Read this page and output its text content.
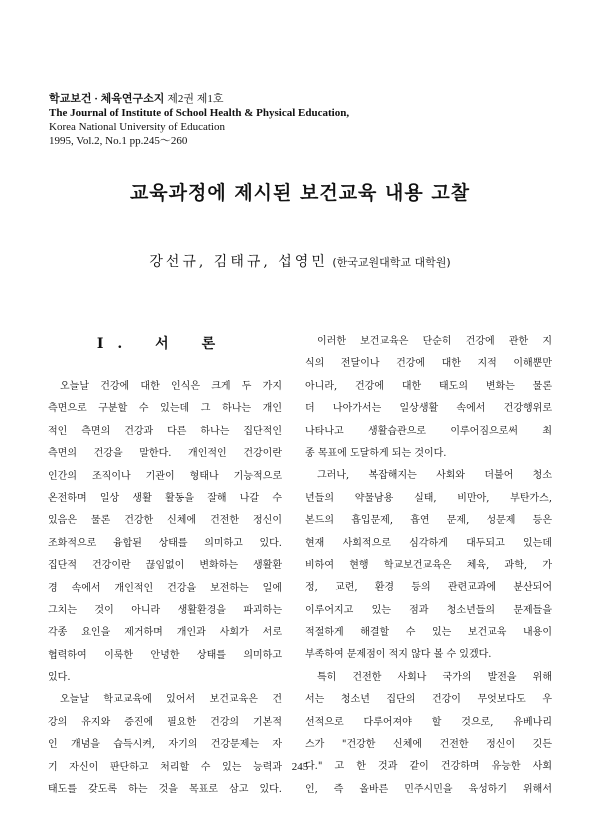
학교보건 · 체육연구소지 제2권 제1호
The Journal of Institute of School Health & Physical Education,
Korea National University of Education
1995, Vol.2, No.1 pp.245～260
교육과정에 제시된 보건교육 내용 고찰
강선규, 김태규, 섭영민 (한국교원대학교 대학원)
Ⅰ. 서 론
오늘날 건강에 대한 인식은 크게 두 가지
측면으로 구분할 수 있는데 그 하나는 개인
적인 측면의 건강과 다른 하나는 집단적인
측면의 건강을 말한다. 개인적인 건강이란
인간의 조직이나 기관이 형태나 기능적으로
온전하며 일상 생활 활동을 잘해 나갈 수
있음은 물론 건강한 신체에 건전한 정신이
조화적으로 융합된 상태를 의미하고 있다.
집단적 건강이란 끊임없이 변화하는 생활환
경 속에서 개인적인 건강을 보전하는 일에
그치는 것이 아니라 생활환경을 파괴하는
각종 요인을 제거하며 개인과 사회가 서로
협력하여 이룩한 안녕한 상태를 의미하고
있다.
오늘날 학교교육에 있어서 보건교육은 건
강의 유지와 증진에 필요한 건강의 기본적
인 개념을 습득시켜, 자기의 건강문제는 자
기 자신이 판단하고 처리할 수 있는 능력과
태도를 갖도록 하는 것을 목표로 삼고 있다.
이러한 보건교육은 단순히 건강에 관한 지
식의 전달이나 건강에 대한 지적 이해뿐만
아니라, 건강에 대한 태도의 변화는 물론
더 나아가서는 일상생활 속에서 건강행위로
나타나고 생활습관으로 이루어짐으로써 최
종 목표에 도달하게 되는 것이다.
그러나, 복잡해지는 사회와 더불어 청소
년들의 약물남용 실태, 비만아, 부탄가스,
본드의 흡입문제, 흡연 문제, 성문제 등은
현재 사회적으로 심각하게 대두되고 있는데
비하여 현행 학교보건교육은 체육, 과학, 가
정, 교련, 환경 등의 관련교과에 분산되어
이루어지고 있는 점과 청소년들의 문제들을
적절하게 해결할 수 있는 보건교육 내용이
부족하여 문제점이 적지 않다 볼 수 있겠다.
특히 건전한 사회나 국가의 발전을 위해
서는 청소년 집단의 건강이 무엇보다도 우
선적으로 다루어져야 할 것으로, 유베나리
스가 "건강한 신체에 건전한 정신이 깃든
다." 고 한 것과 같이 건강하며 유능한 사회
인, 즉 올바른 민주시민을 육성하기 위해서
245
